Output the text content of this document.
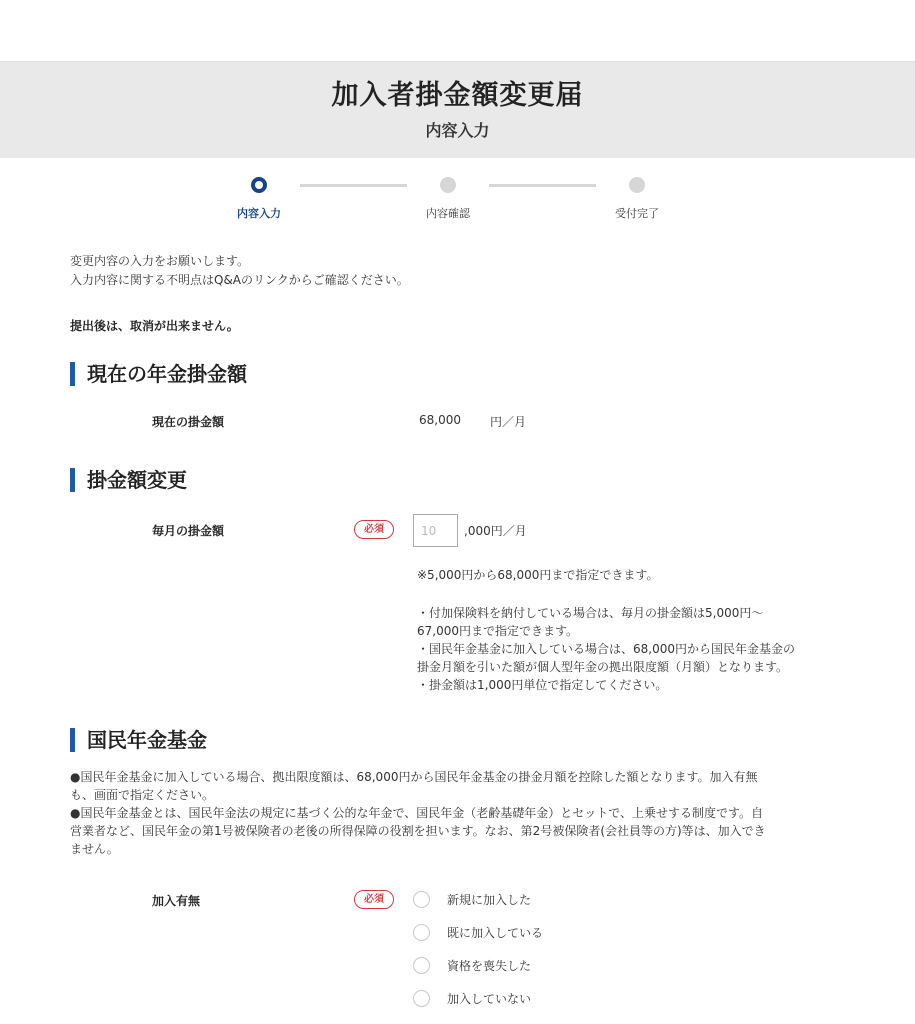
加入者掛金額変更届
内容入力
内容入力	内容確認	受付完了
変更内容の入力をお願いします。
入力内容に関する不明点はQ&Aのリンクからご確認ください。
提出後は、取消が出来ません。
現在の年金掛金額
現在の掛金額	68,000 円／月
掛金額変更
毎月の掛金額	必須
10	,000円／月
※5,000円から68,000円まで指定できます。
・付加保険料を納付している場合は、毎月の掛金額は5,000円～
67,000円まで指定できます。
・国民年金基金に加入している場合は、68,000円から国民年金基金の
掛金月額を引いた額が個人型年金の拠出限度額（月額）となります。
・掛金額は1,000円単位で指定してください。
国民年金基金
●国民年金基金に加入している場合、拠出限度額は、68,000円から国民年金基金の掛金月額を控除した額となります。加入有無
も、画面で指定ください。
●国民年金基金とは、国民年金法の規定に基づく公的な年金で、国民年金（老齢基礎年金）とセットで、上乗せする制度です。自
営業者など、国民年金の第1号被保険者の老後の所得保障の役割を担います。なお、第2号被保険者(会社員等の方)等は、加入でき
ません。
加入有無	必須	新規に加入した
既に加入している
資格を喪失した
加入していない
